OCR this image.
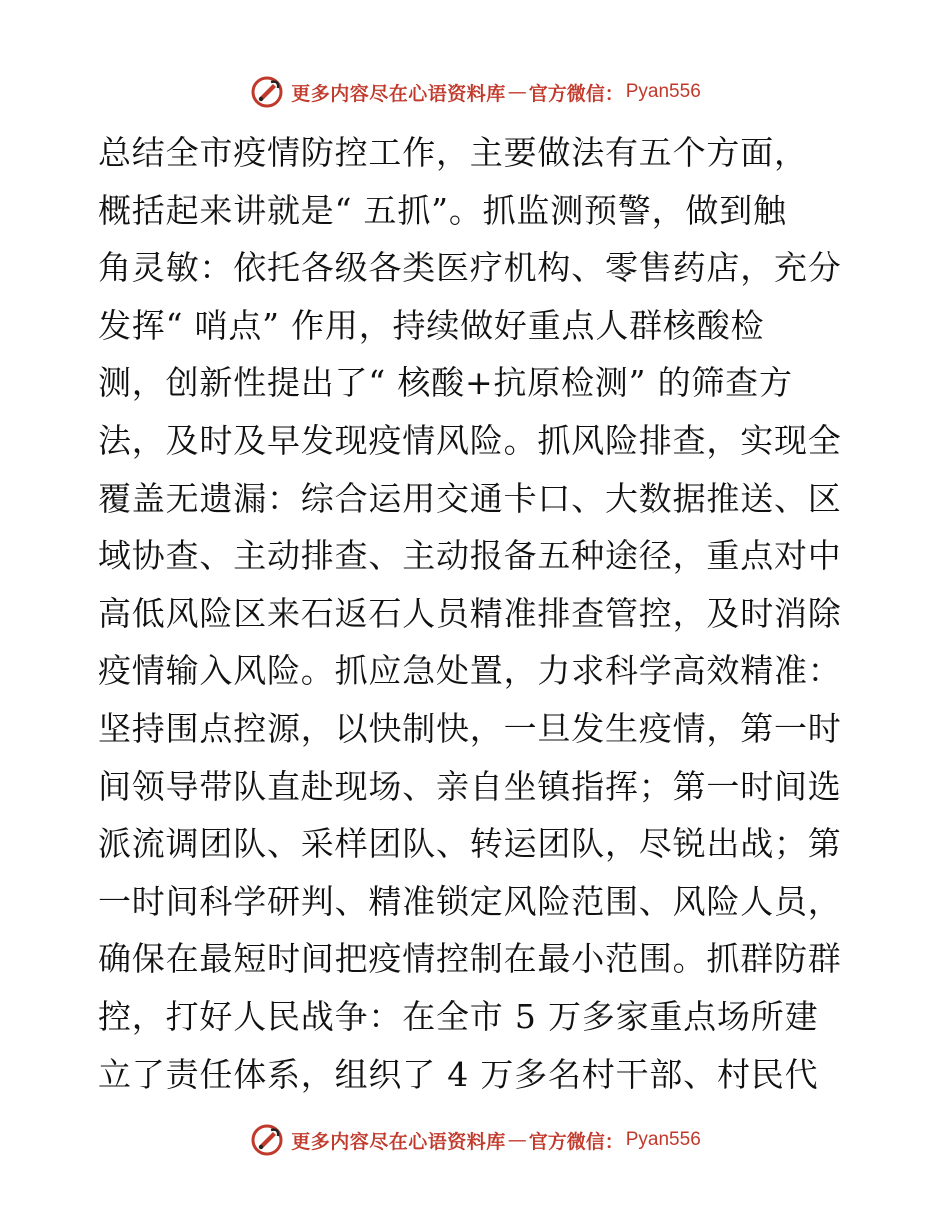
更多内容尽在心语资料库 — 官方微信： Pyan556
总结全市疫情防控工作，主要做法有五个方面，
概括起来讲就是“ 五抓”。抓监测预警，做到触
角灵敏：依托各级各类医疗机构、零售药店，充分
发挥“ 哨点” 作用，持续做好重点人群核酸检
测，创新性提出了“ 核酸+抗原检测” 的筛查方
法，及时及早发现疫情风险。抓风险排查，实现全
覆盖无遗漏：综合运用交通卡口、大数据推送、区
域协查、主动排查、主动报备五种途径，重点对中
高低风险区来石返石人员精准排查管控，及时消除
疫情输入风险。抓应急处置，力求科学高效精准：
坚持围点控源，以快制快，一旦发生疫情，第一时
间领导带队直赴现场、亲自坐镇指挥；第一时间选
派流调团队、采样团队、转运团队，尽锐出战；第
一时间科学研判、精准锁定风险范围、风险人员，
确保在最短时间把疫情控制在最小范围。抓群防群
控，打好人民战争：在全市 5 万多家重点场所建
立了责任体系，组织了 4 万多名村干部、村民代
更多内容尽在心语资料库 — 官方微信： Pyan556
